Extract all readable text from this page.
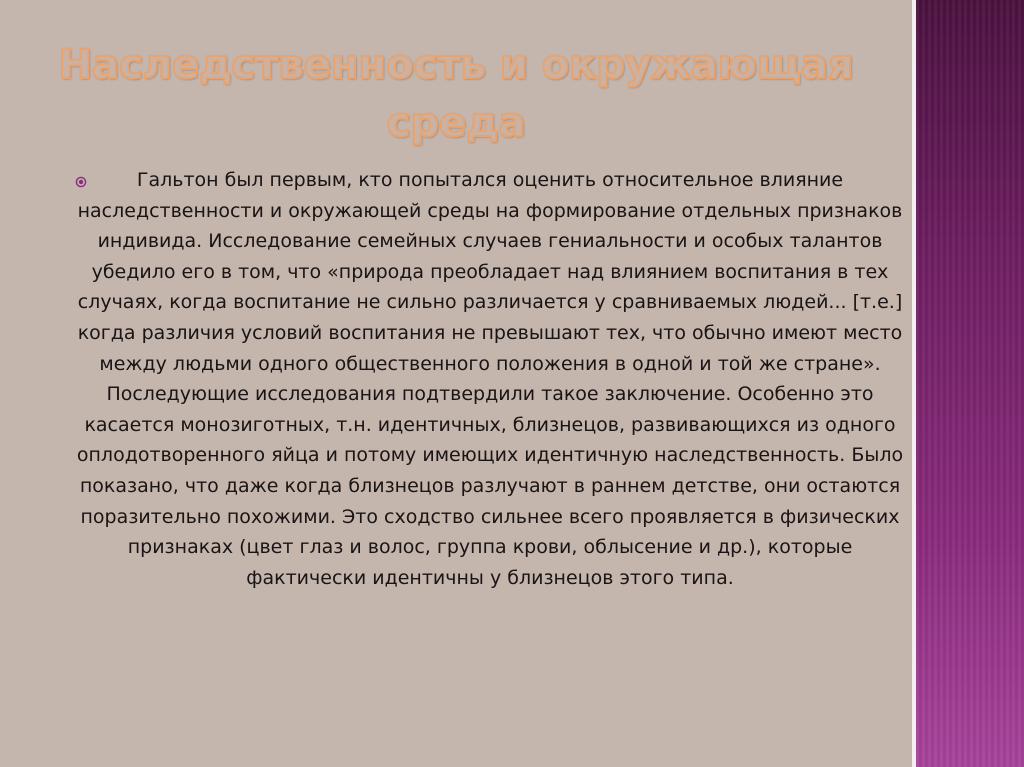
Наследственность и окружающая среда

Гальтон был первым, кто попытался оценить относительное влияние наследственности и окружающей среды на формирование отдельных признаков индивида. Исследование семейных случаев гениальности и особых талантов убедило его в том, что «природа преобладает над влиянием воспитания в тех случаях, когда воспитание не сильно различается у сравниваемых людей... [т.е.] когда различия условий воспитания не превышают тех, что обычно имеют место между людьми одного общественного положения в одной и той же стране». Последующие исследования подтвердили такое заключение. Особенно это касается монозиготных, т.н. идентичных, близнецов, развивающихся из одного оплодотворенного яйца и потому имеющих идентичную наследственность. Было показано, что даже когда близнецов разлучают в раннем детстве, они остаются поразительно похожими. Это сходство сильнее всего проявляется в физических признаках (цвет глаз и волос, группа крови, облысение и др.), которые фактически идентичны у близнецов этого типа.
